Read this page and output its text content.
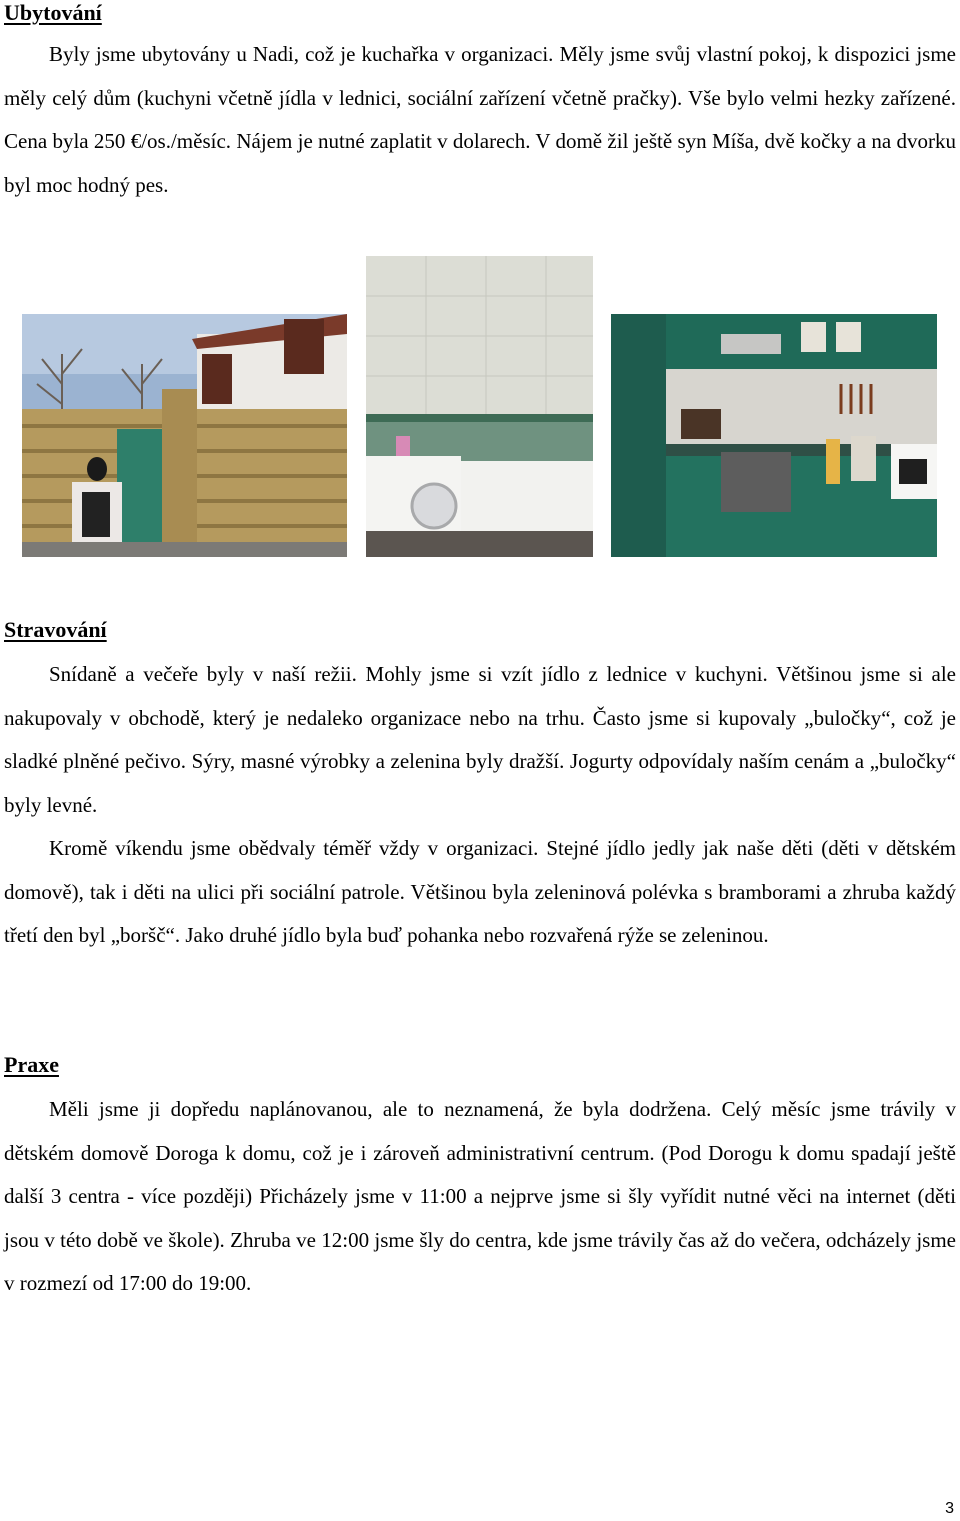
Ubytování

Byly jsme ubytovány u Nadi, což je kuchařka v organizaci. Měly jsme svůj vlastní pokoj, k dispozici jsme měly celý dům (kuchyni včetně jídla v lednici, sociální zařízení včetně pračky). Vše bylo velmi hezky zařízené. Cena byla 250 €/os./měsíc. Nájem je nutné zaplatit v dolarech. V domě žil ještě syn Míša, dvě kočky a na dvorku byl moc hodný pes.

Stravování

Snídaně a večeře byly v naší režii. Mohly jsme si vzít jídlo z lednice v kuchyni. Většinou jsme si ale nakupovaly v obchodě, který je nedaleko organizace nebo na trhu. Často jsme si kupovaly „buločky“, což je sladké plněné pečivo. Sýry, masné výrobky a zelenina byly dražší. Jogurty odpovídaly naším cenám a „buločky“ byly levné.

Kromě víkendu jsme obědvaly téměř vždy v organizaci. Stejné jídlo jedly jak naše děti (děti v dětském domově), tak i děti na ulici při sociální patrole. Většinou byla zeleninová polévka s bramborami a zhruba každý třetí den byl „boršč“. Jako druhé jídlo byla buď pohanka nebo rozvařená rýže se zeleninou.

Praxe

Měli jsme ji dopředu naplánovanou, ale to neznamená, že byla dodržena. Celý měsíc jsme trávily v dětském domově Doroga k domu, což je i zároveň administrativní centrum. (Pod Dorogu k domu spadají ještě další 3 centra - více později) Přicházely jsme v 11:00 a nejprve jsme si šly vyřídit nutné věci na internet (děti jsou v této době ve škole). Zhruba ve 12:00 jsme šly do centra, kde jsme trávily čas až do večera, odcházely jsme v rozmezí od 17:00 do 19:00.

3
